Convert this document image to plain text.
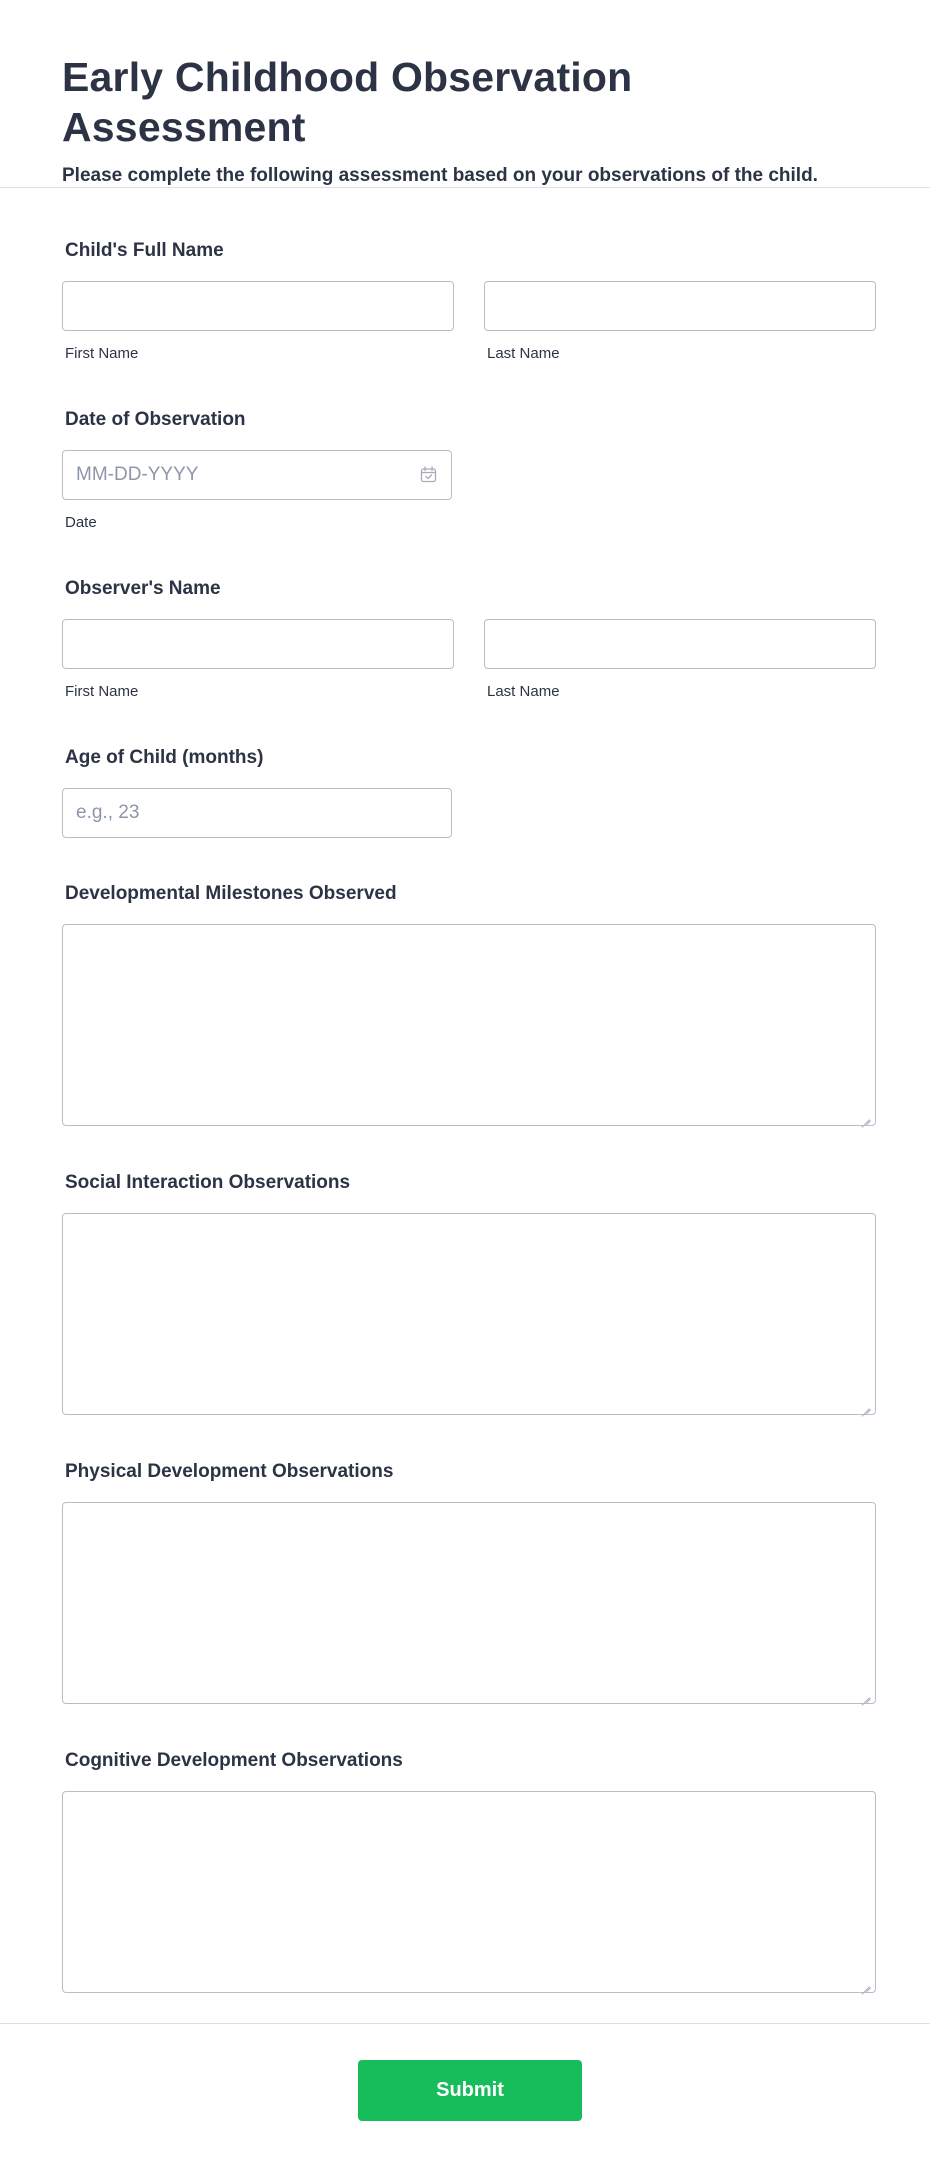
Early Childhood Observation Assessment

Please complete the following assessment based on your observations of the child.

Child's Full Name
First Name	Last Name
Date of Observation
MM-DD-YYYY
Date
Observer's Name
First Name	Last Name
Age of Child (months)
e.g., 23
Developmental Milestones Observed
Social Interaction Observations
Physical Development Observations
Cognitive Development Observations
Submit
